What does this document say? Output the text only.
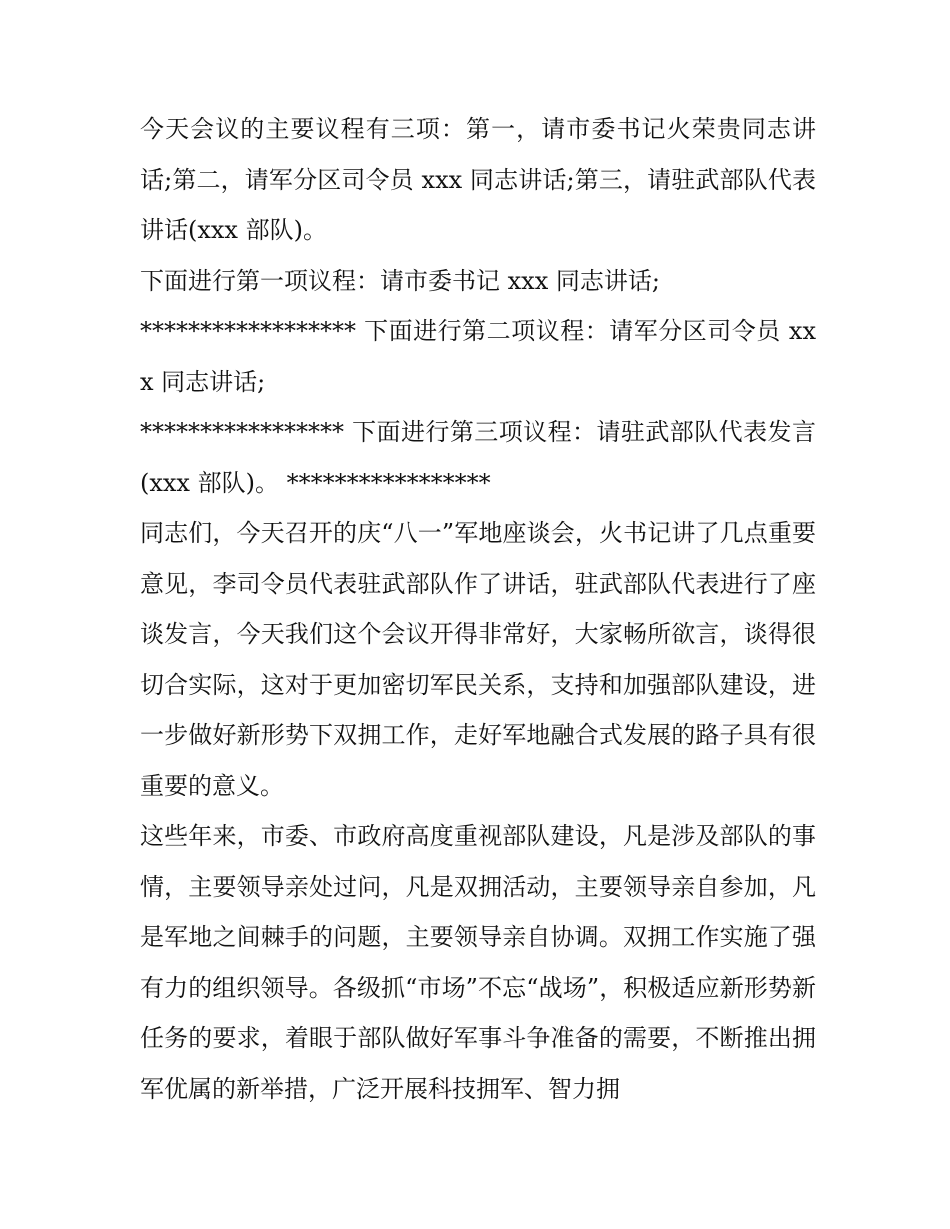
今天会议的主要议程有三项：第一，请市委书记火荣贵同志讲话;第二，请军分区司令员 xxx 同志讲话;第三，请驻武部队代表讲话(xxx 部队)。

下面进行第一项议程：请市委书记 xxx 同志讲话;

****************** 下面进行第二项议程：请军分区司令员 xxx 同志讲话;

***************** 下面进行第三项议程：请驻武部队代表发言(xxx 部队)。 *****************

同志们，今天召开的庆“八一”军地座谈会，火书记讲了几点重要意见，李司令员代表驻武部队作了讲话，驻武部队代表进行了座谈发言，今天我们这个会议开得非常好，大家畅所欲言，谈得很切合实际，这对于更加密切军民关系，支持和加强部队建设，进一步做好新形势下双拥工作，走好军地融合式发展的路子具有很重要的意义。

这些年来，市委、市政府高度重视部队建设，凡是涉及部队的事情，主要领导亲处过问，凡是双拥活动，主要领导亲自参加，凡是军地之间棘手的问题，主要领导亲自协调。双拥工作实施了强有力的组织领导。各级抓“市场”不忘“战场”，积极适应新形势新任务的要求，着眼于部队做好军事斗争准备的需要，不断推出拥军优属的新举措，广泛开展科技拥军、智力拥
